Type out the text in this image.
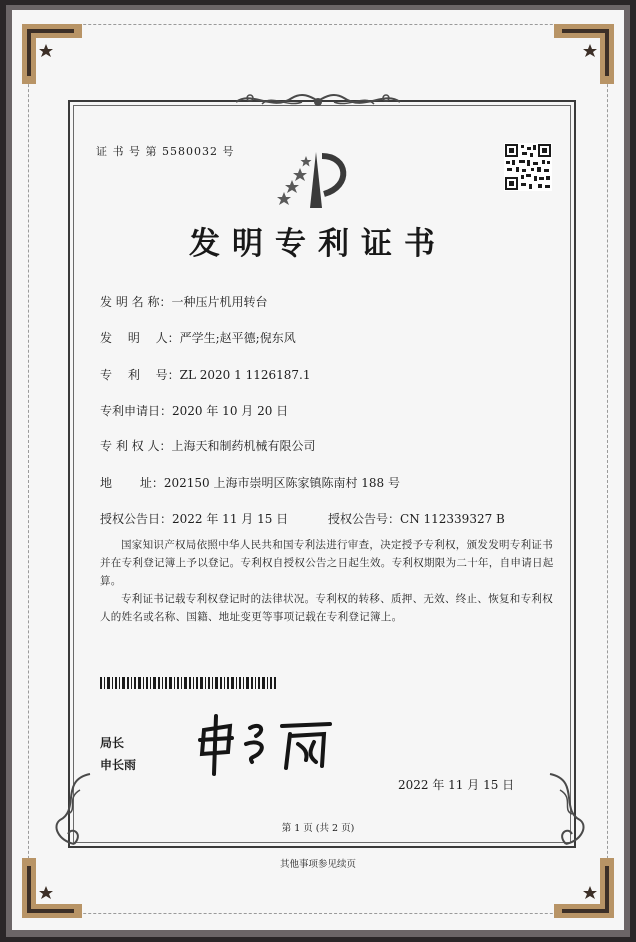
证 书 号 第 5580032 号
发明专利证书
发 明 名 称：一种压片机用转台
发　 明　 人：严学生;赵平德;倪东风
专　 利　 号：ZL 2020 1 1126187.1
专利申请日：2020 年 10 月 20 日
专 利 权 人：上海天和制药机械有限公司
地　　 址：202150 上海市崇明区陈家镇陈南村 188 号
授权公告日：2022 年 11 月 15 日	授权公告号：CN 112339327 B
国家知识产权局依照中华人民共和国专利法进行审查，决定授予专利权，颁发发明专利证书并在专利登记簿上予以登记。专利权自授权公告之日起生效。专利权期限为二十年，自申请日起算。
专利证书记载专利权登记时的法律状况。专利权的转移、质押、无效、终止、恢复和专利权人的姓名或名称、国籍、地址变更等事项记载在专利登记簿上。
局长
申长雨
2022 年 11 月 15 日
第 1 页 (共 2 页)
其他事项参见续页
